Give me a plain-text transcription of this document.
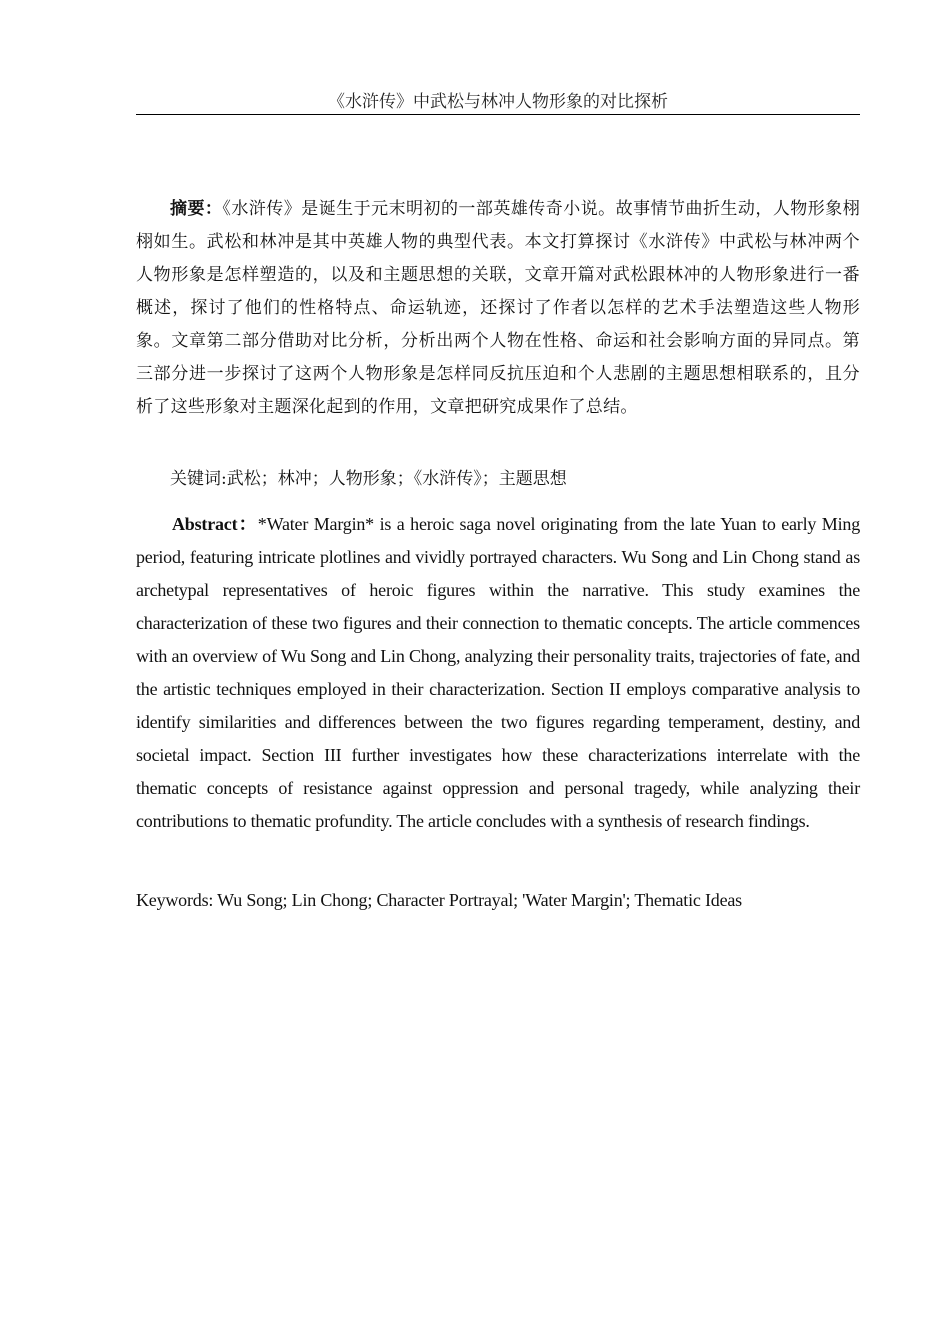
《水浒传》中武松与林冲人物形象的对比探析

摘要：《水浒传》是诞生于元末明初的一部英雄传奇小说。故事情节曲折生动，人物形象栩栩如生。武松和林冲是其中英雄人物的典型代表。本文打算探讨《水浒传》中武松与林冲两个人物形象是怎样塑造的，以及和主题思想的关联，文章开篇对武松跟林冲的人物形象进行一番概述，探讨了他们的性格特点、命运轨迹，还探讨了作者以怎样的艺术手法塑造这些人物形象。文章第二部分借助对比分析，分析出两个人物在性格、命运和社会影响方面的异同点。第三部分进一步探讨了这两个人物形象是怎样同反抗压迫和个人悲剧的主题思想相联系的，且分析了这些形象对主题深化起到的作用，文章把研究成果作了总结。

关键词:武松；林冲；人物形象；《水浒传》；主题思想

Abstract：*Water Margin* is a heroic saga novel originating from the late Yuan to early Ming period, featuring intricate plotlines and vividly portrayed characters. Wu Song and Lin Chong stand as archetypal representatives of heroic figures within the narrative. This study examines the characterization of these two figures and their connection to thematic concepts. The article commences with an overview of Wu Song and Lin Chong, analyzing their personality traits, trajectories of fate, and the artistic techniques employed in their characterization. Section II employs comparative analysis to identify similarities and differences between the two figures regarding temperament, destiny, and societal impact. Section III further investigates how these characterizations interrelate with the thematic concepts of resistance against oppression and personal tragedy, while analyzing their contributions to thematic profundity. The article concludes with a synthesis of research findings.

Keywords: Wu Song; Lin Chong; Character Portrayal; 'Water Margin'; Thematic Ideas
